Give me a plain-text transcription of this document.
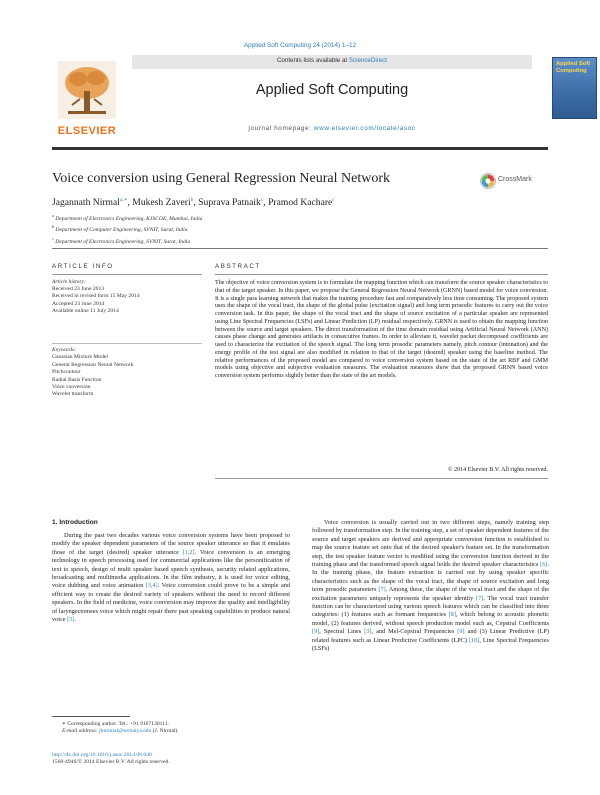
Applied Soft Computing 24 (2014) 1–12
ELSEVIER
Contents lists available at ScienceDirect
Applied Soft Computing
journal homepage: www.elsevier.com/locate/asoc
Applied Soft Computing
Voice conversion using General Regression Neural Network	CrossMark
Jagannath Nirmal$^{a,∗}$, Mukesh Zaveri$^b$, Suprava Patnaik$^c$, Pramod Kachare$^c$
$^a$ Department of Electronics Engineering, KJSCOE, Mumbai, India
$^b$ Department of Computer Engineering, SVNIT, Surat, India
$^c$ Department of Electronics Engineering, SVNIT, Surat, India
ARTICLE INFO	ABSTRACT
Article history:
Received 23 June 2013
Received in revised form 15 May 2014
Accepted 23 June 2014
Available online 11 July 2014
Keywords:
Gaussian Mixture Model
General Regression Neural Network
Pitchcontour
Radial Basis Function
Voice conversion
Wavelet transform
The objective of voice conversion system is to formulate the mapping function which can transform the source speaker characteristics to that of the target speaker. In this paper, we propose the General Regression Neural Network (GRNN) based model for voice conversion. It is a single pass learning network that makes the training procedure fast and comparatively less time consuming. The proposed system uses the shape of the vocal tract, the shape of the glottal pulse (excitation signal) and long term prosodic features to carry out the voice conversion task. In this paper, the shape of the vocal tract and the shape of source excitation of a particular speaker are represented using Line Spectral Frequencies (LSFs) and Linear Prediction (LP) residual respectively. GRNN is used to obtain the mapping function between the source and target speakers. The direct transformation of the time domain residual using Artificial Neural Network (ANN) causes phase change and generates artifacts in consecutive frames. In order to alleviate it, wavelet packet decomposed coefficients are used to characterize the excitation of the speech signal. The long term prosodic parameters namely, pitch contour (intonation) and the energy profile of the test signal are also modified in relation to that of the target (desired) speaker using the baseline method. The relative performances of the proposed model are compared to voice conversion system based on the state of the art RBF and GMM models using objective and subjective evaluation measures. The evaluation measures show that the proposed GRNN based voice conversion system performs slightly better than the state of the art models.
© 2014 Elsevier B.V. All rights reserved.
1. Introduction

During the past two decades various voice conversion systems have been proposed to modify the speaker dependent parameters of the source speaker utterance so that it emulates those of the target (desired) speaker utterance [1,2]. Voice conversion is an emerging technology in speech processing used for commercial applications like the personification of text to speech, design of multi speaker based speech synthesis, security related applications, broadcasting and multimedia applications. In the film industry, it is used for voice editing, voice dubbing and voice animation [3,4]. Voice conversion could prove to be a simple and efficient way to create the desired variety of speakers without the need to record different speakers. In the field of medicine, voice conversion may improve the quality and intelligibility of laryngectomees voice which might repair there past speaking capabilities to produce natural voice [5].

Voice conversion is usually carried out in two different steps, namely training step followed by transformation step. In the training step, a set of speaker dependent features of the source and target speakers are derived and appropriate conversion function is established to map the source feature set onto that of the desired speaker's feature set. In the transformation step, the test speaker feature vector is modified using the conversion function derived in the training phase and the transformed speech signal holds the desired speaker characteristics [6]. In the training phase, the feature extraction is carried out by using speaker specific characteristics such as the shape of the vocal tract, the shape of source excitation and long term prosodic parameters [7]. Among these, the shape of the vocal tract and the shape of the excitation parameters uniquely represents the speaker identity [7]. The vocal tract transfer function can be characterized using various speech features which can be classified into three categories: (1) features such as formant frequencies [8], which belong to acoustic phonetic model, (2) features derived, without speech production model such as, Cepstral Coefficients [9], Spectral Lines [3], and Mel-Cepstral Frequencies [9] and (3) Linear Predictive (LP) related features such as Linear Predictive Coefficients (LPC) [10], Line Spectral Frequencies (LSFs)

∗ Corresponding author. Tel.: +91 9167130111.
E-mail address: jhnirmal@somaiya.edu (J. Nirmal).
http://dx.doi.org/10.1016/j.asoc.2014.06.040
1568-4946/© 2014 Elsevier B.V. All rights reserved.
